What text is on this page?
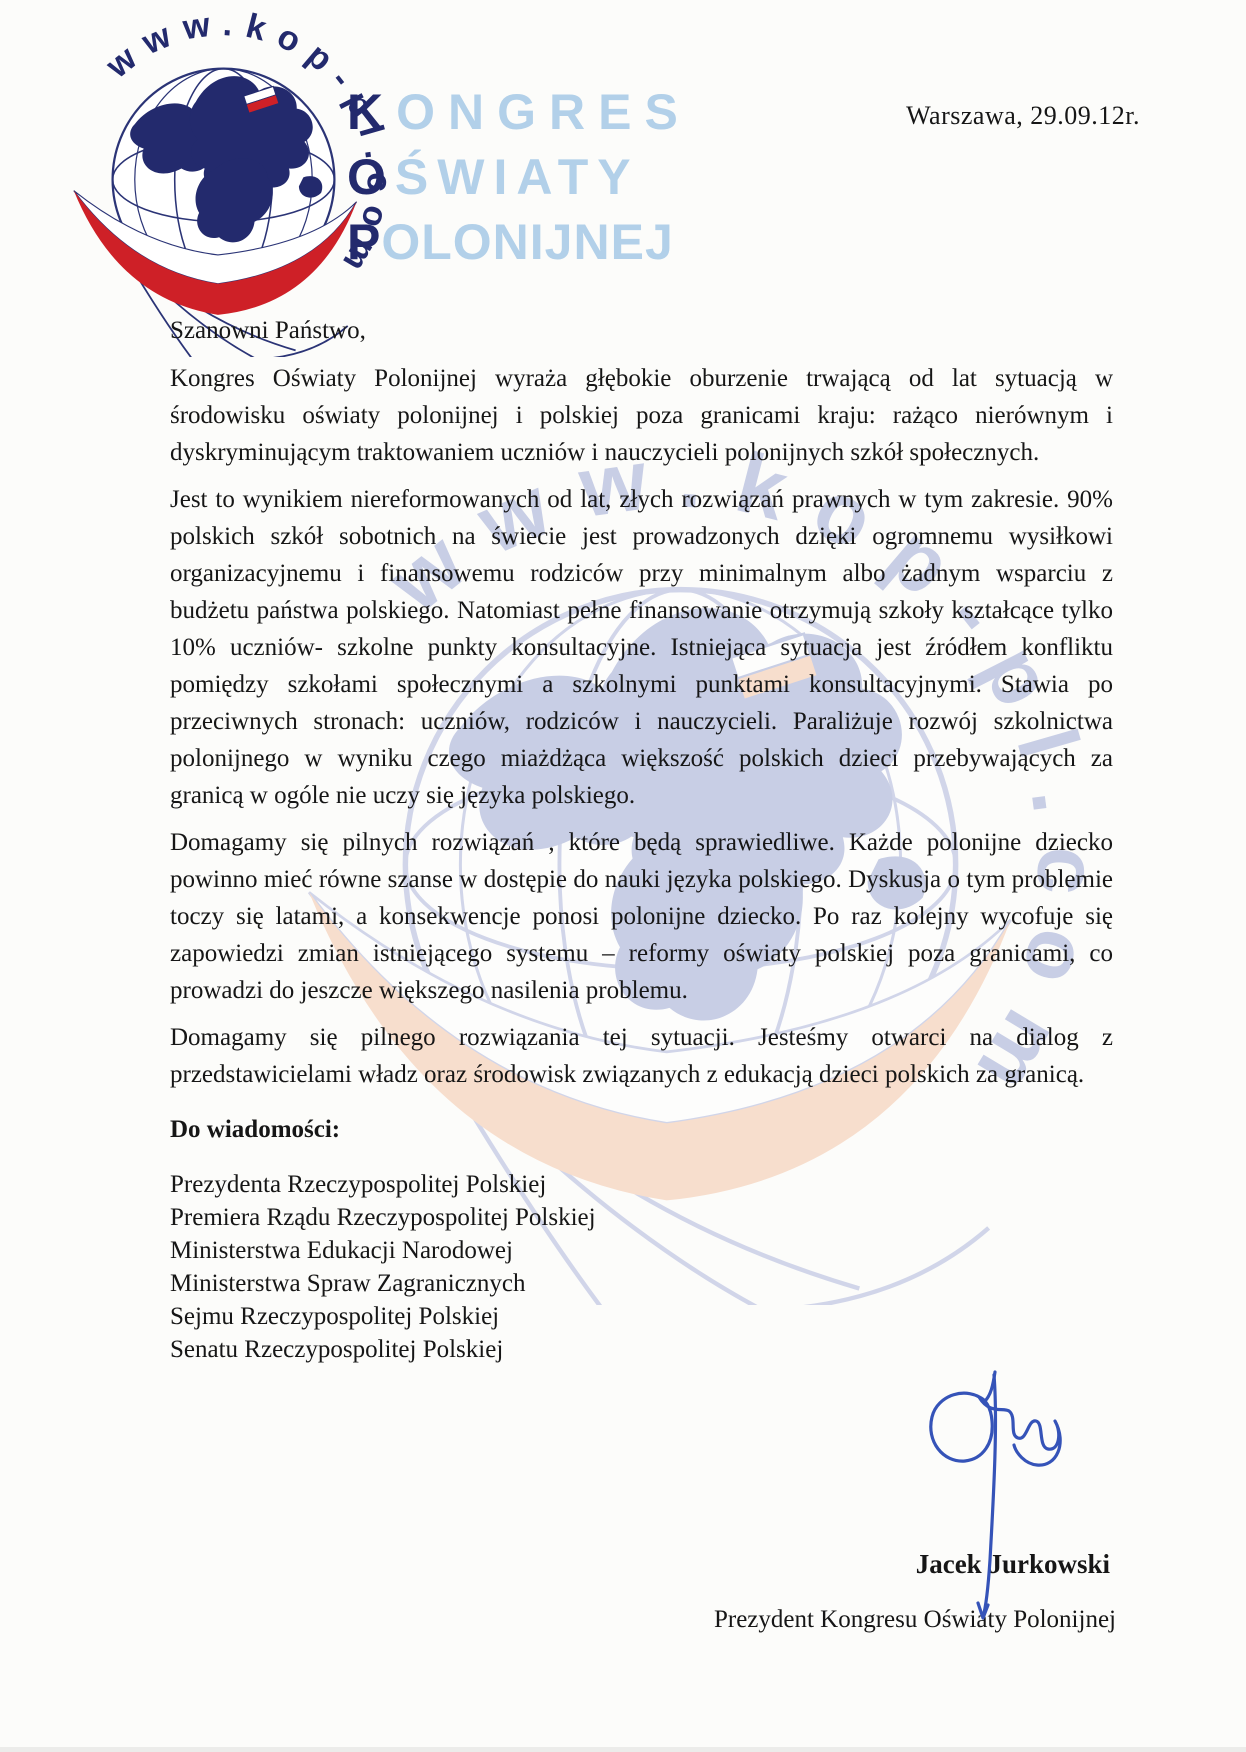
KONGRES
OŚWIATY
POLONIJNEJ
Warszawa, 29.09.12r.
Szanowni Państwo,

Kongres Oświaty Polonijnej wyraża głębokie oburzenie trwającą od lat sytuacją w środowisku oświaty polonijnej i polskiej poza granicami kraju: rażąco nierównym i dyskryminującym traktowaniem uczniów i nauczycieli polonijnych szkół społecznych.

Jest to wynikiem niereformowanych od lat, złych rozwiązań prawnych w tym zakresie. 90% polskich szkół sobotnich na świecie jest prowadzonych dzięki ogromnemu wysiłkowi organizacyjnemu i finansowemu rodziców przy minimalnym albo żadnym wsparciu z budżetu państwa polskiego. Natomiast pełne finansowanie otrzymują szkoły kształcące tylko 10% uczniów- szkolne punkty konsultacyjne. Istniejąca sytuacja jest źródłem konfliktu pomiędzy szkołami społecznymi a szkolnymi punktami konsultacyjnymi. Stawia po przeciwnych stronach: uczniów, rodziców i nauczycieli. Paraliżuje rozwój szkolnictwa polonijnego w wyniku czego miażdżąca większość polskich dzieci przebywających za granicą w ogóle nie uczy się języka polskiego.

Domagamy się pilnych rozwiązań , które będą sprawiedliwe. Każde polonijne dziecko powinno mieć równe szanse w dostępie do nauki języka polskiego. Dyskusja o tym problemie toczy się latami, a konsekwencje ponosi polonijne dziecko. Po raz kolejny wycofuje się zapowiedzi zmian istniejącego systemu – reformy oświaty polskiej poza granicami, co prowadzi do jeszcze większego nasilenia problemu.

Domagamy się pilnego rozwiązania tej sytuacji. Jesteśmy otwarci na dialog z przedstawicielami władz oraz środowisk związanych z edukacją dzieci polskich za granicą.

Do wiadomości:
Prezydenta Rzeczypospolitej Polskiej
Premiera Rządu Rzeczypospolitej Polskiej
Ministerstwa Edukacji Narodowej
Ministerstwa Spraw Zagranicznych
Sejmu Rzeczypospolitej Polskiej
Senatu Rzeczypospolitej Polskiej
Jacek Jurkowski
Prezydent Kongresu Oświaty Polonijnej
